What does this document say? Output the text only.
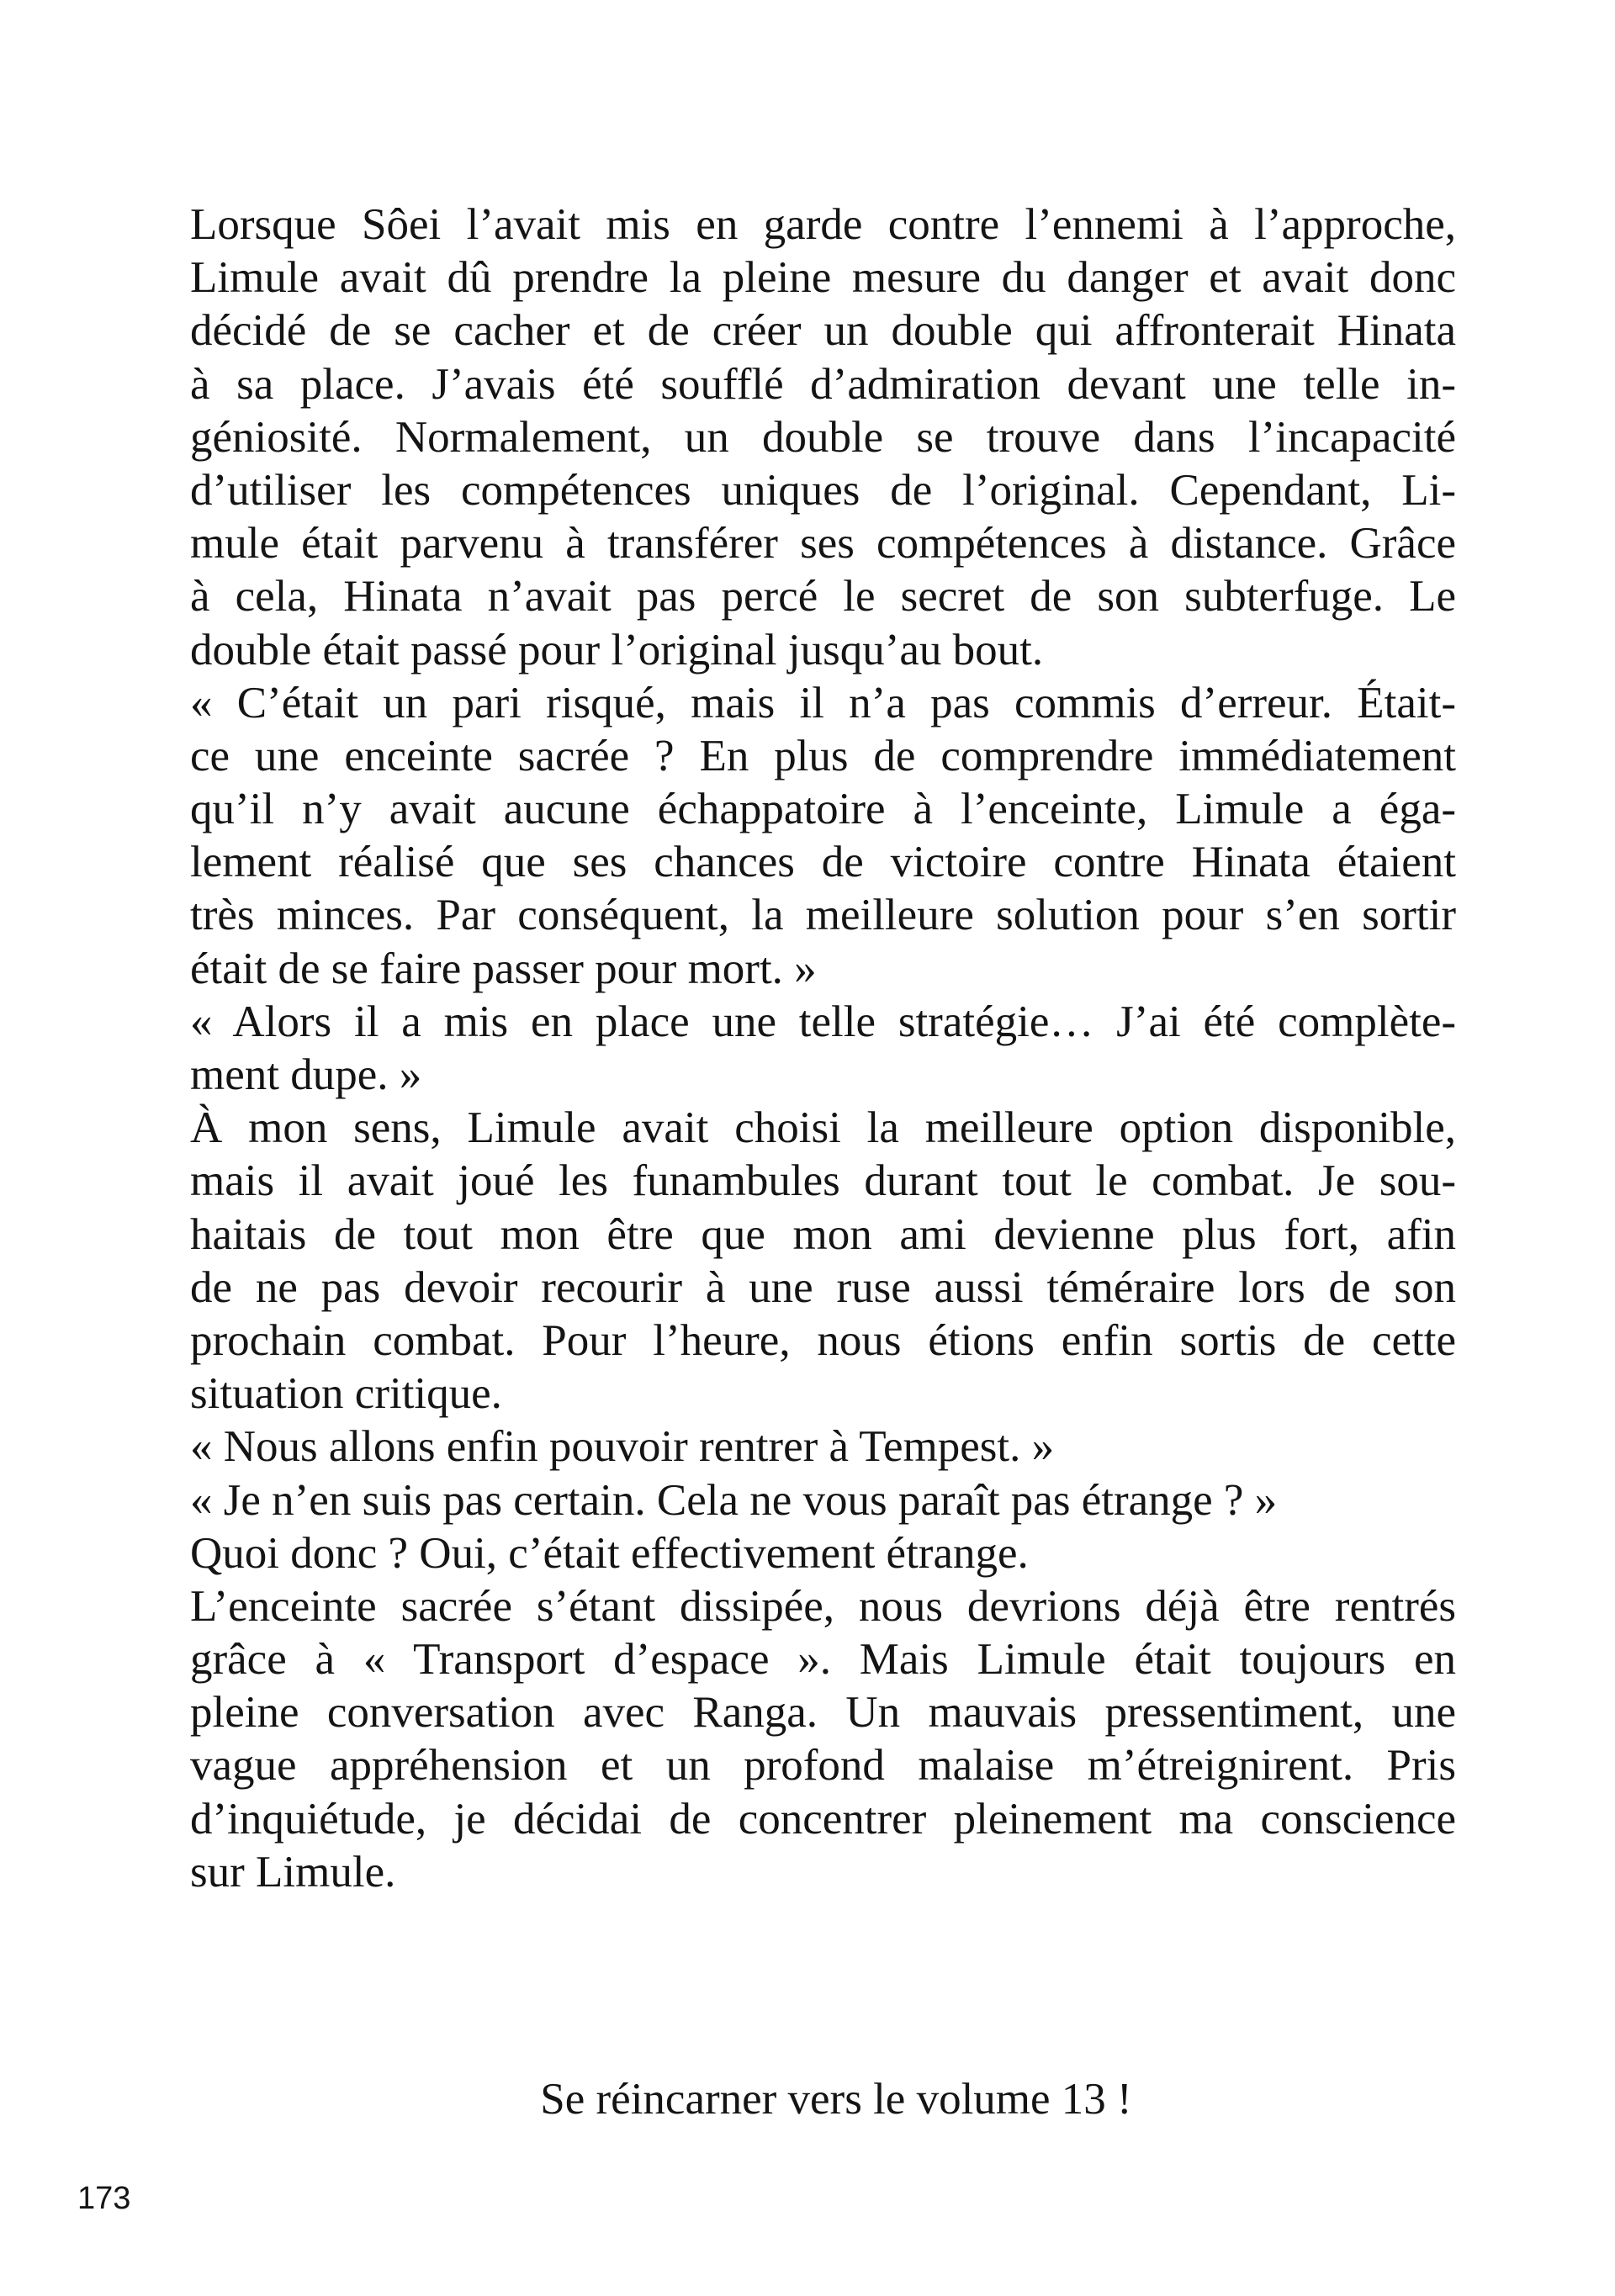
Lorsque Sôei l’avait mis en garde contre l’ennemi à l’approche,
Limule avait dû prendre la pleine mesure du danger et avait donc
décidé de se cacher et de créer un double qui affronterait Hinata
à sa place. J’avais été soufflé d’admiration devant une telle in-
géniosité. Normalement, un double se trouve dans l’incapacité
d’utiliser les compétences uniques de l’original. Cependant, Li-
mule était parvenu à transférer ses compétences à distance. Grâce
à cela, Hinata n’avait pas percé le secret de son subterfuge. Le
double était passé pour l’original jusqu’au bout.
« C’était un pari risqué, mais il n’a pas commis d’erreur. Était-
ce une enceinte sacrée ? En plus de comprendre immédiatement
qu’il n’y avait aucune échappatoire à l’enceinte, Limule a éga-
lement réalisé que ses chances de victoire contre Hinata étaient
très minces. Par conséquent, la meilleure solution pour s’en sortir
était de se faire passer pour mort. »
« Alors il a mis en place une telle stratégie… J’ai été complète-
ment dupe. »
À mon sens, Limule avait choisi la meilleure option disponible,
mais il avait joué les funambules durant tout le combat. Je sou-
haitais de tout mon être que mon ami devienne plus fort, afin
de ne pas devoir recourir à une ruse aussi téméraire lors de son
prochain combat. Pour l’heure, nous étions enfin sortis de cette
situation critique.
« Nous allons enfin pouvoir rentrer à Tempest. »
« Je n’en suis pas certain. Cela ne vous paraît pas étrange ? »
Quoi donc ? Oui, c’était effectivement étrange.
L’enceinte sacrée s’étant dissipée, nous devrions déjà être rentrés
grâce à « Transport d’espace ». Mais Limule était toujours en
pleine conversation avec Ranga. Un mauvais pressentiment, une
vague appréhension et un profond malaise m’étreignirent. Pris
d’inquiétude, je décidai de concentrer pleinement ma conscience
sur Limule.
Se réincarner vers le volume 13 !
173
